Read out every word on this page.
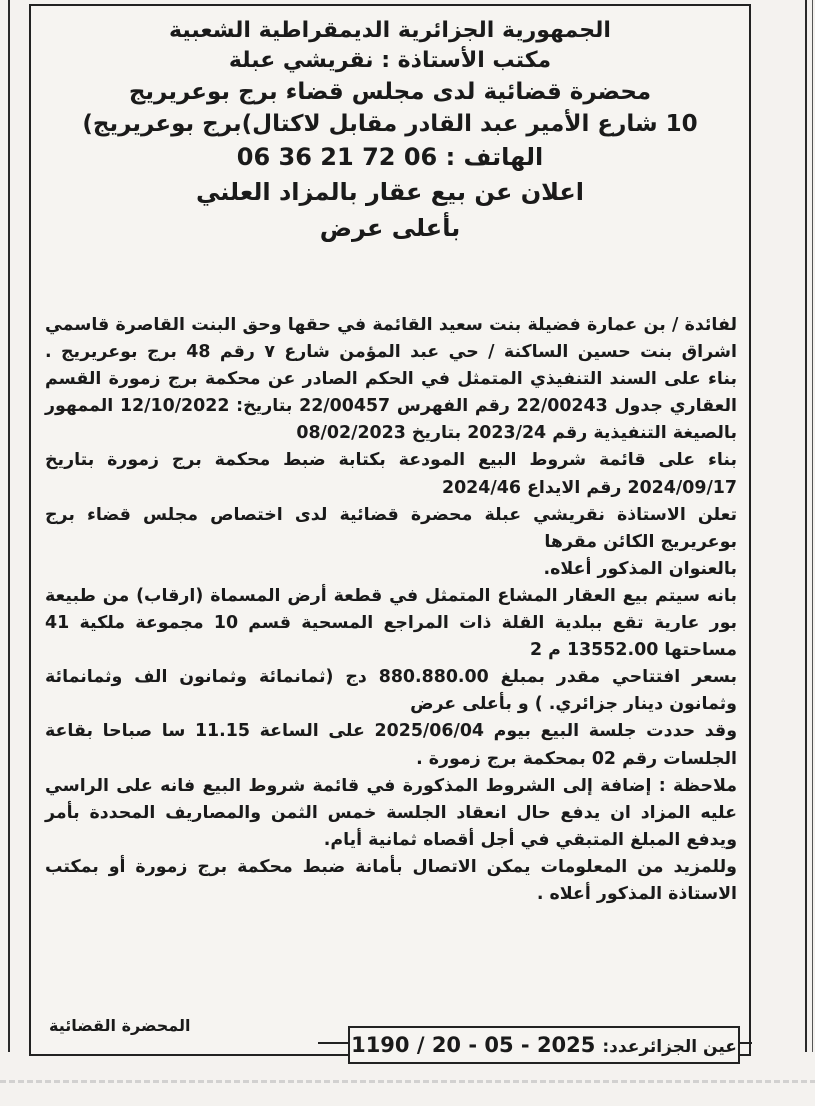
الجمهورية الجزائرية الديمقراطية الشعبية

مكتب الأستاذة : نقريشي عبلة

محضرة قضائية لدى مجلس قضاء برج بوعريريج

10 شارع الأمير عبد القادر مقابل لاكتال)برج بوعريريج)

الهاتف : 06 72 21 36 06

اعلان عن بيع عقار بالمزاد العلني

بأعلى عرض

لفائدة / بن عمارة فضيلة بنت سعيد القائمة في حقها وحق البنت القاصرة قاسمي اشراق بنت حسين الساكنة / حي عبد المؤمن شارع ٧ رقم 48 برج بوعريريج .

بناء على السند التنفيذي المتمثل في الحكم الصادر عن محكمة برج زمورة القسم العقاري جدول 22/00243 رقم الفهرس 22/00457 بتاريخ: 12/10/2022 الممهور بالصيغة التنفيذية رقم 2023/24 بتاريخ 08/02/2023

بناء على قائمة شروط البيع المودعة بكتابة ضبط محكمة برج زمورة بتاريخ 2024/09/17 رقم الايداع 2024/46

تعلن الاستاذة نقريشي عبلة محضرة قضائية لدى اختصاص مجلس قضاء برج بوعريريج الكائن مقرها

بالعنوان المذكور أعلاه.

بانه سيتم بيع العقار المشاع المتمثل في قطعة أرض المسماة (ارقاب) من طبيعة بور عارية تقع ببلدية القلة ذات المراجع المسحية قسم 10 مجموعة ملكية 41 مساحتها 13552.00 م 2

بسعر افتتاحي مقدر بمبلغ 880.880.00 دج (ثمانمائة وثمانون الف وثمانمائة وثمانون دينار جزائري. ) و بأعلى عرض

وقد حددت جلسة البيع بيوم 2025/06/04 على الساعة 11.15 سا صباحا بقاعة الجلسات رقم 02 بمحكمة برج زمورة .

ملاحظة : إضافة إلى الشروط المذكورة في قائمة شروط البيع فانه على الراسي عليه المزاد ان يدفع حال انعقاد الجلسة خمس الثمن والمصاريف المحددة بأمر ويدفع المبلغ المتبقي في أجل أقصاه ثمانية أيام.

وللمزيد من المعلومات يمكن الاتصال بأمانة ضبط محكمة برج زمورة أو بمكتب الاستاذة المذكور أعلاه .

المحضرة القضائية
عين الجزائرعدد: 1190 / 20 - 05 - 2025
